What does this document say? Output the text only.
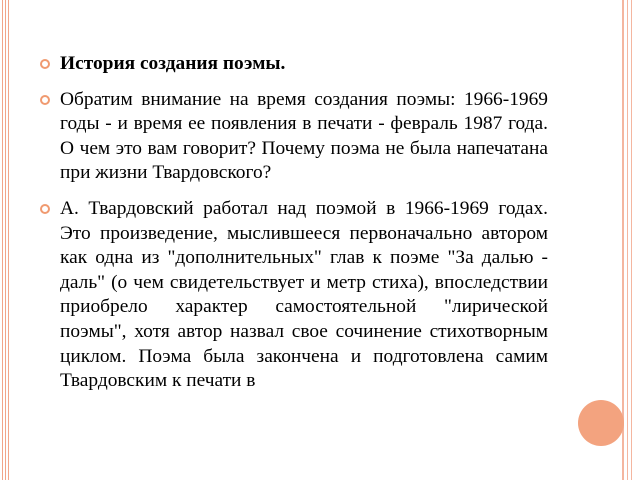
История создания поэмы.
Обратим внимание на время создания поэмы: 1966-1969 годы - и время ее появления в печати - февраль 1987 года. О чем это вам говорит? Почему поэма не была напечатана при жизни Твардовского?
А. Твардовский работал над поэмой в 1966-1969 годах. Это произведение, мыслившееся первоначально автором как одна из "дополнительных" глав к поэме "За далью - даль" (о чем свидетельствует и метр стиха), впоследствии приобрело характер самостоятельной "лирической поэмы", хотя автор назвал свое сочинение стихотворным циклом. Поэма была закончена и подготовлена самим Твардовским к печати в
